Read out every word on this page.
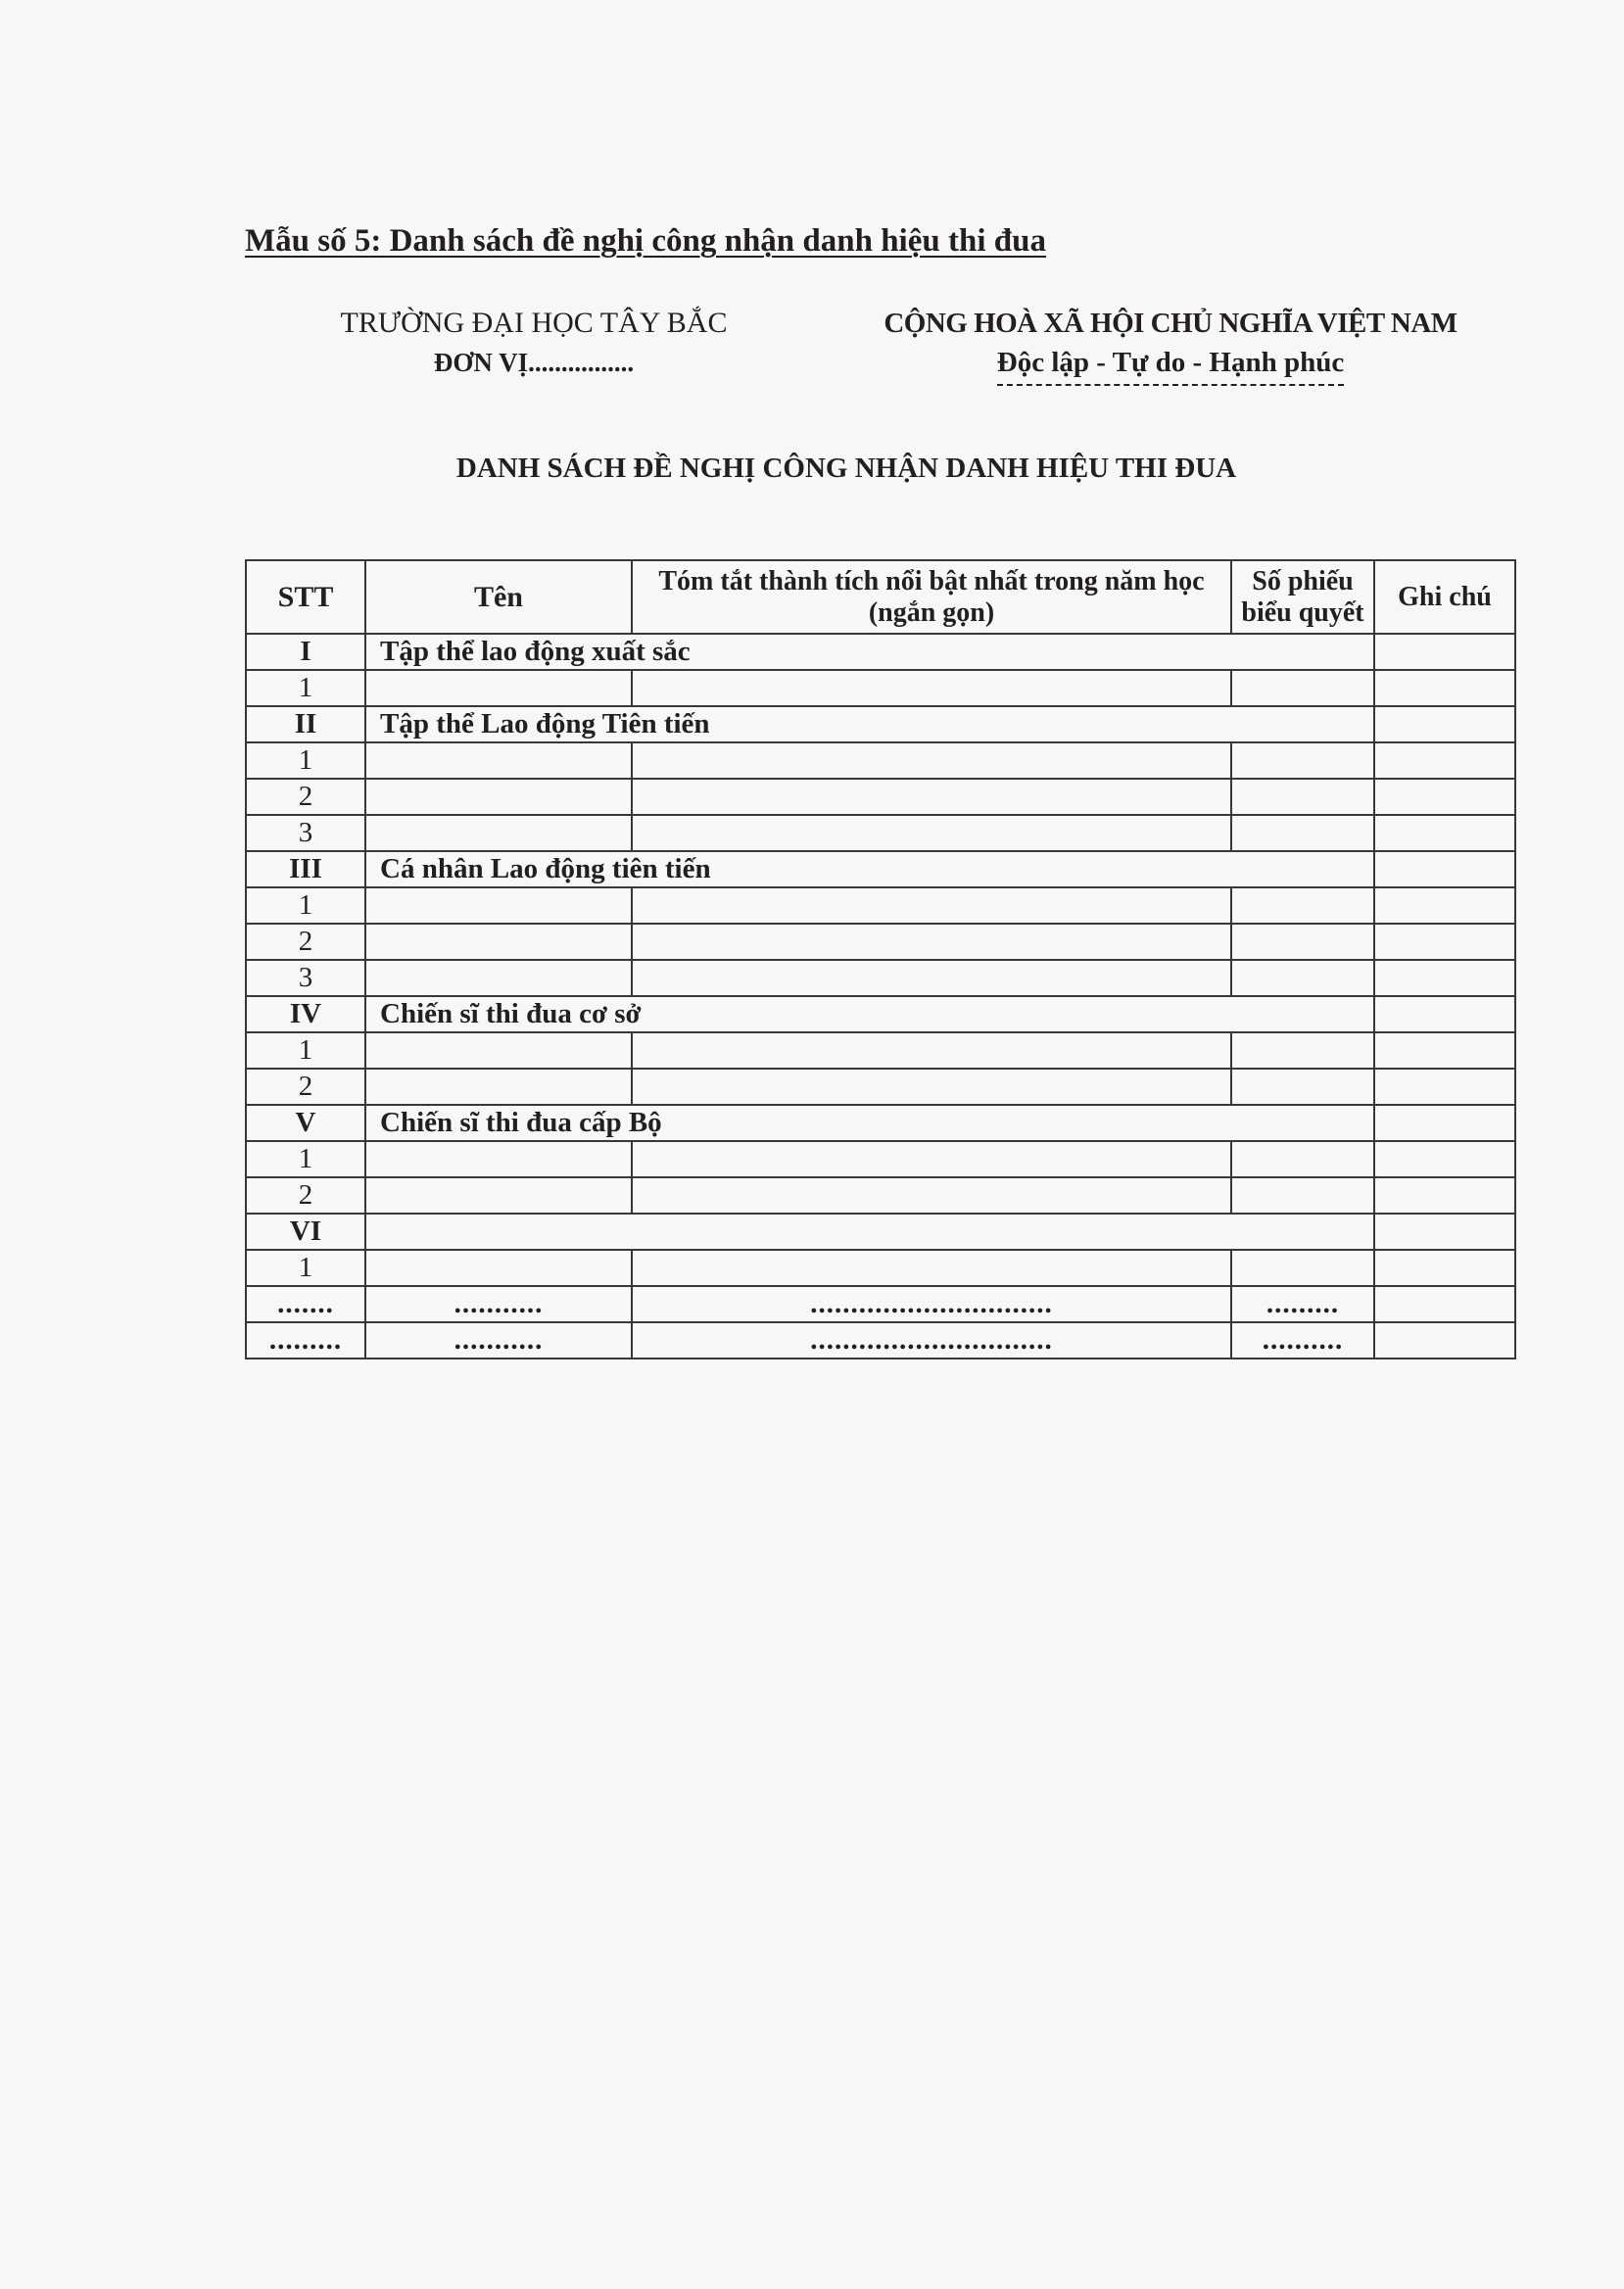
Mẫu số 5: Danh sách đề nghị công nhận danh hiệu thi đua
TRƯỜNG ĐẠI HỌC TÂY BẮC
ĐƠN VỊ................
CỘNG HOÀ XÃ HỘI CHỦ NGHĨA VIỆT NAM
Độc lập - Tự do - Hạnh phúc
DANH SÁCH ĐỀ NGHỊ CÔNG NHẬN DANH HIỆU THI ĐUA
STT	Tên	Tóm tắt thành tích nổi bật nhất trong năm học (ngắn gọn)	Số phiếu biểu quyết	Ghi chú
I	Tập thể lao động xuất sắc			
1				
II	Tập thể Lao động Tiên tiến			
1				
2				
3				
III	Cá nhân Lao động tiên tiến			
1				
2				
3				
IV	Chiến sĩ thi đua cơ sở			
1				
2				
V	Chiến sĩ thi đua cấp Bộ			
1				
2				
VI				
1				
.......	...........	..............................	.........	
.........	...........	..............................	..........	
